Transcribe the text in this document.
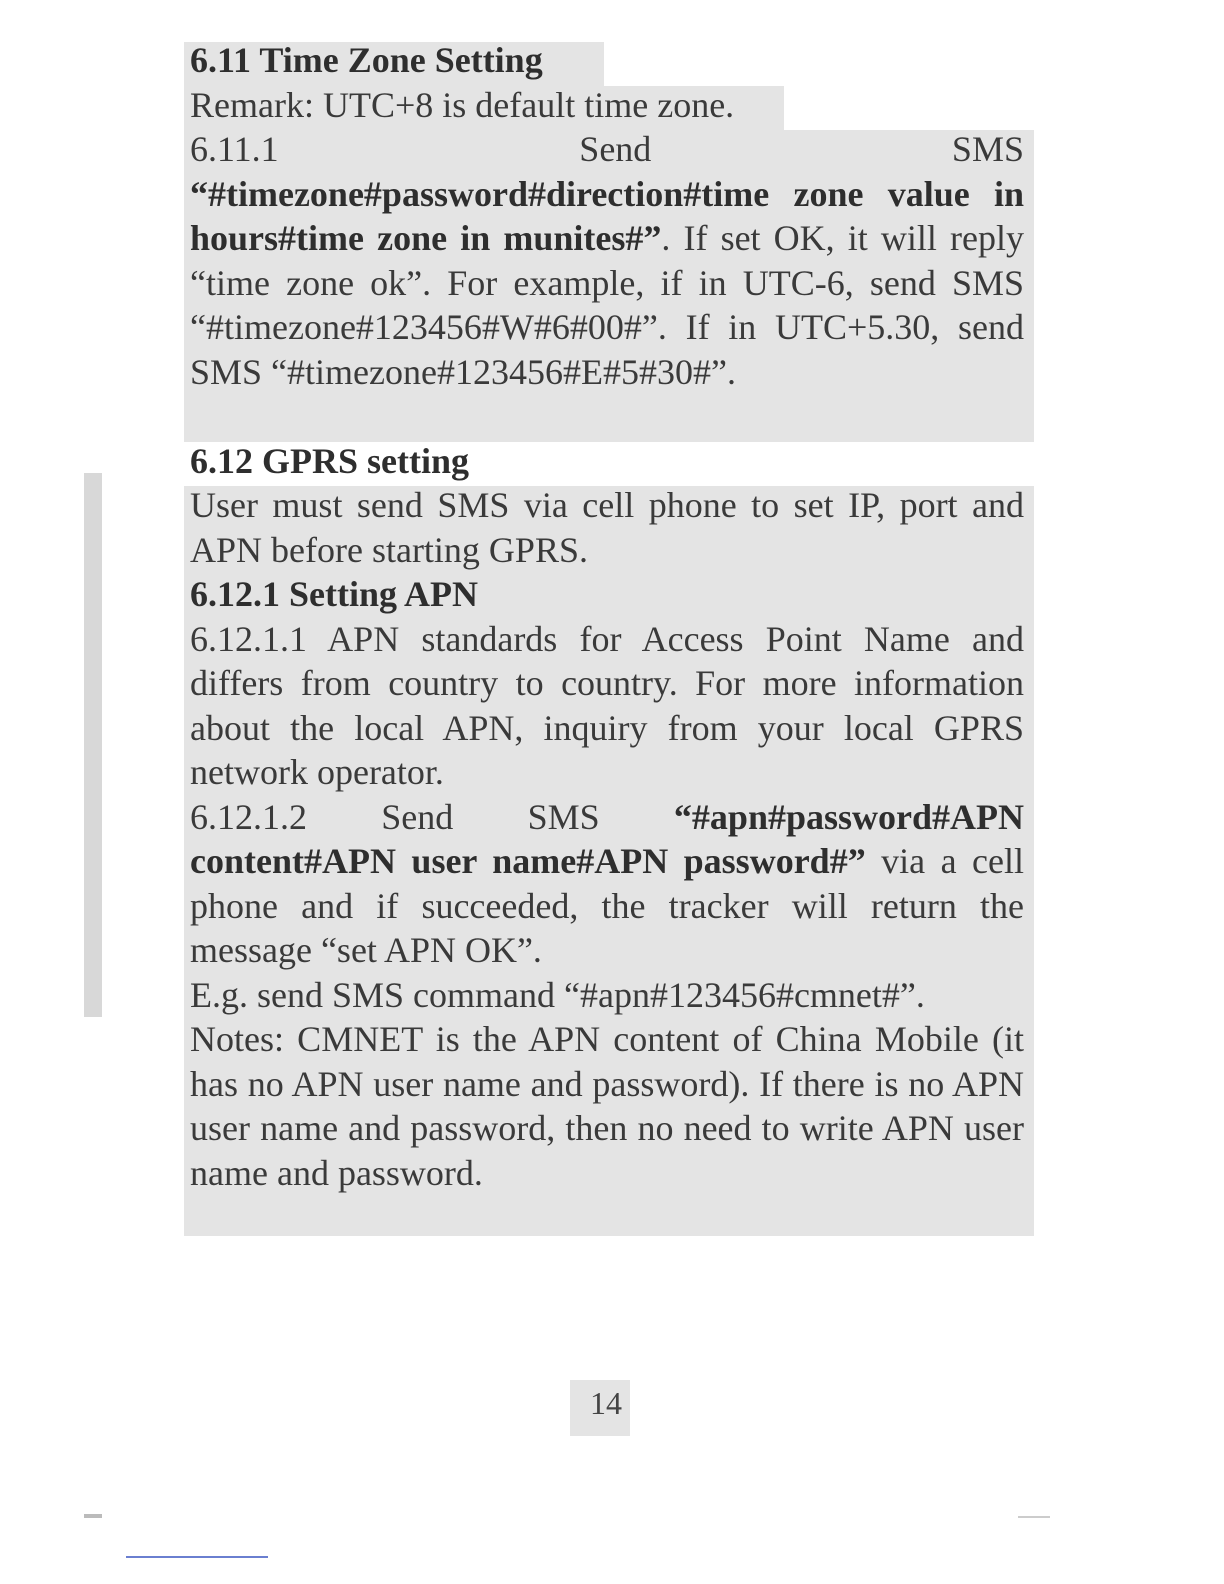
6.11 Time Zone Setting

Remark: UTC+8 is default time zone.

6.11.1	Send	SMS

“#timezone#password#direction#time zone value in hours#time zone in munites#”. If set OK, it will reply “time zone ok”. For example, if in UTC-6, send SMS “#timezone#123456#W#6#00#”. If in UTC+5.30, send SMS “#timezone#123456#E#5#30#”.

6.12 GPRS setting

User must send SMS via cell phone to set IP, port and APN before starting GPRS.

6.12.1 Setting APN

6.12.1.1 APN standards for Access Point Name and differs from country to country. For more information about the local APN, inquiry from your local GPRS network operator.

6.12.1.2 Send SMS “#apn#password#APN content#APN user name#APN password#” via a cell phone and if succeeded, the tracker will return the message “set APN OK”.

E.g. send SMS command “#apn#123456#cmnet#”.

Notes: CMNET is the APN content of China Mobile (it has no APN user name and password). If there is no APN user name and password, then no need to write APN user name and password.

14
